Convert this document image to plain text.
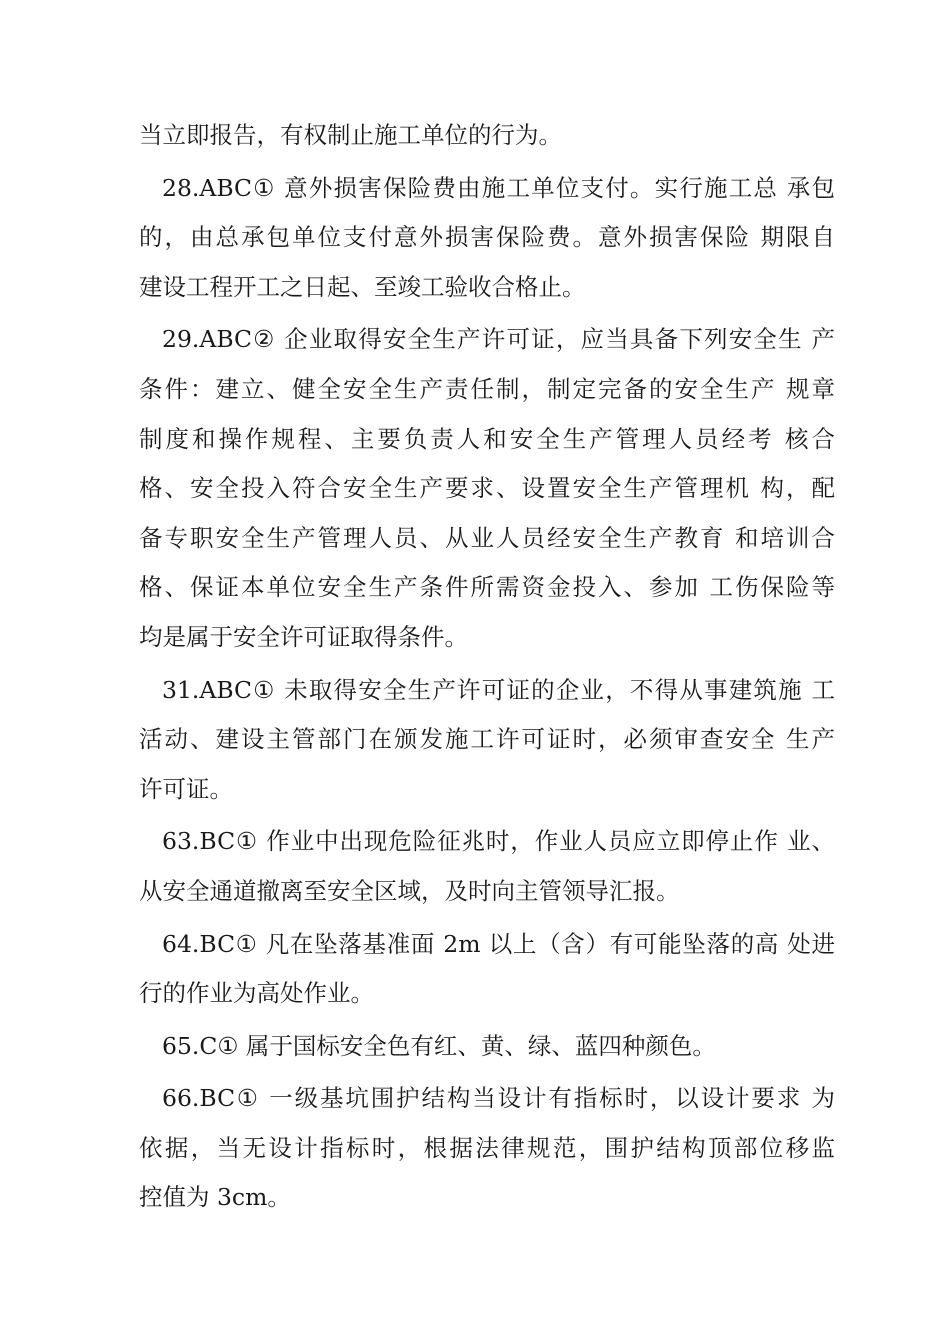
当立即报告，有权制止施工单位的行为。
28.ABC① 意外损害保险费由施工单位支付。实行施工总 承包
的，由总承包单位支付意外损害保险费。意外损害保险 期限自
建设工程开工之日起、至竣工验收合格止。
29.ABC② 企业取得安全生产许可证，应当具备下列安全生 产
条件：建立、健全安全生产责任制，制定完备的安全生产 规章
制度和操作规程、主要负责人和安全生产管理人员经考 核合
格、安全投入符合安全生产要求、设置安全生产管理机 构，配
备专职安全生产管理人员、从业人员经安全生产教育 和培训合
格、保证本单位安全生产条件所需资金投入、参加 工伤保险等
均是属于安全许可证取得条件。
31.ABC① 未取得安全生产许可证的企业，不得从事建筑施 工
活动、建设主管部门在颁发施工许可证时，必须审查安全 生产
许可证。
63.BC① 作业中出现危险征兆时，作业人员应立即停止作 业、
从安全通道撤离至安全区域，及时向主管领导汇报。
64.BC① 凡在坠落基准面 2m 以上（含）有可能坠落的高 处进
行的作业为高处作业。
65.C① 属于国标安全色有红、黄、绿、蓝四种颜色。
66.BC① 一级基坑围护结构当设计有指标时，以设计要求 为
依据，当无设计指标时，根据法律规范，围护结构顶部位移监
控值为 3cm。
